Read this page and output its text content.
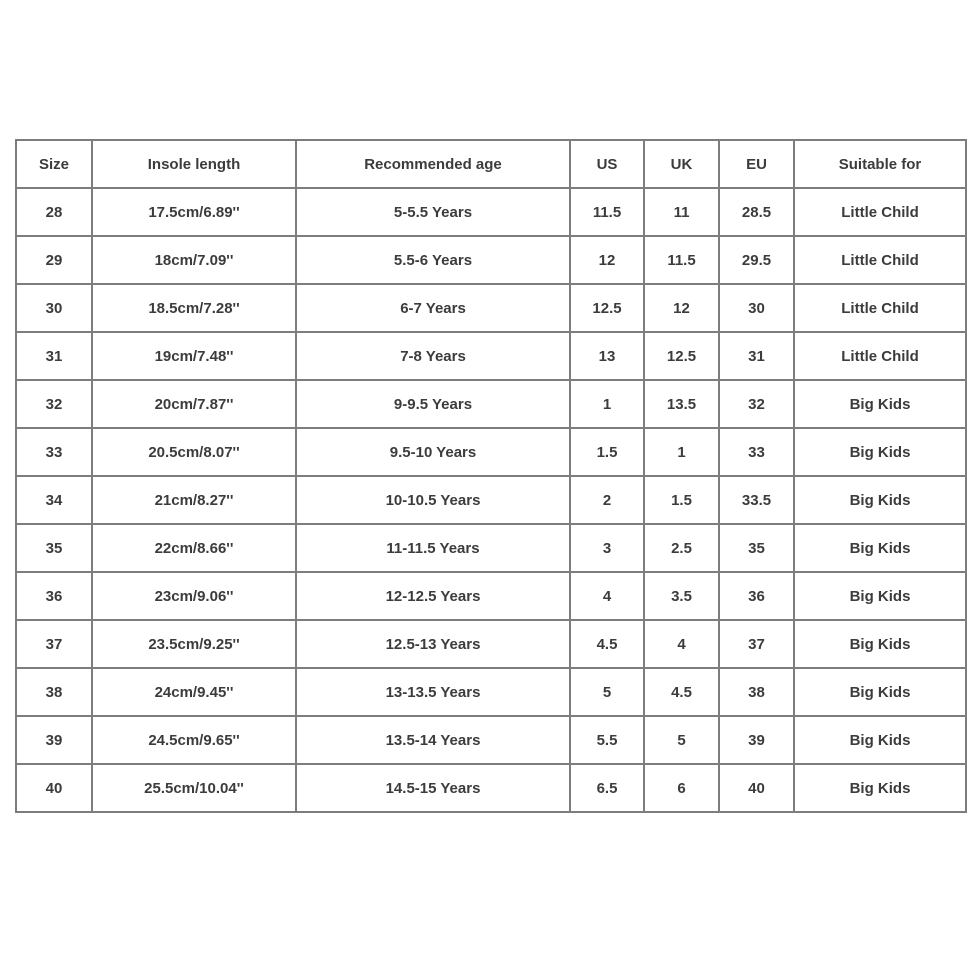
Size	Insole length	Recommended age	US	UK	EU	Suitable for
28	17.5cm/6.89''	5-5.5 Years	11.5	11	28.5	Little Child
29	18cm/7.09''	5.5-6 Years	12	11.5	29.5	Little Child
30	18.5cm/7.28''	6-7 Years	12.5	12	30	Little Child
31	19cm/7.48''	7-8 Years	13	12.5	31	Little Child
32	20cm/7.87''	9-9.5 Years	1	13.5	32	Big Kids
33	20.5cm/8.07''	9.5-10 Years	1.5	1	33	Big Kids
34	21cm/8.27''	10-10.5 Years	2	1.5	33.5	Big Kids
35	22cm/8.66''	11-11.5 Years	3	2.5	35	Big Kids
36	23cm/9.06''	12-12.5 Years	4	3.5	36	Big Kids
37	23.5cm/9.25''	12.5-13 Years	4.5	4	37	Big Kids
38	24cm/9.45''	13-13.5 Years	5	4.5	38	Big Kids
39	24.5cm/9.65''	13.5-14 Years	5.5	5	39	Big Kids
40	25.5cm/10.04''	14.5-15 Years	6.5	6	40	Big Kids
